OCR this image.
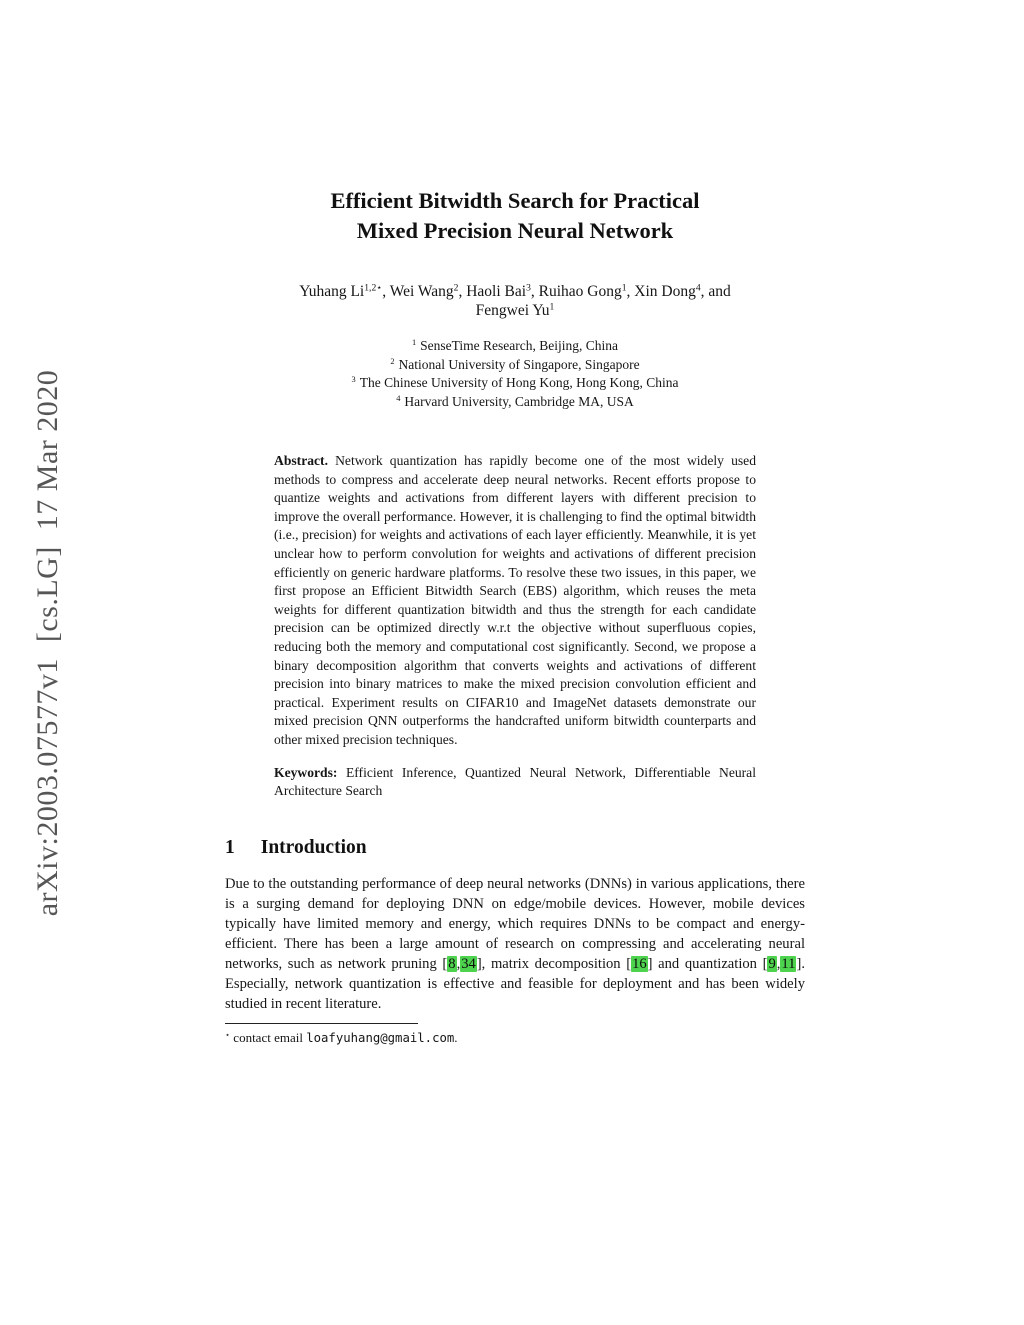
arXiv:2003.07577v1  [cs.LG]  17 Mar 2020
Efficient Bitwidth Search for Practical
Mixed Precision Neural Network
Yuhang $Li^{1,2⋆}$, Wei Wang$^2$, Haoli Bai$^3$, Ruihao Gong$^1$, Xin Dong$^4$, and
Fengwei Yu$^1$
$^1$ SenseTime Research, Beijing, China
$^2$ National University of Singapore, Singapore
$^3$ The Chinese University of Hong Kong, Hong Kong, China
$^4$ Harvard University, Cambridge MA, USA
Abstract. Network quantization has rapidly become one of the most widely used methods to compress and accelerate deep neural networks. Recent efforts propose to quantize weights and activations from different layers with different precision to improve the overall performance. However, it is challenging to find the optimal bitwidth (i.e., precision) for weights and activations of each layer efficiently. Meanwhile, it is yet unclear how to perform convolution for weights and activations of different precision efficiently on generic hardware platforms. To resolve these two issues, in this paper, we first propose an Efficient Bitwidth Search (EBS) algorithm, which reuses the meta weights for different quantization bitwidth and thus the strength for each candidate precision can be optimized directly w.r.t the objective without superfluous copies, reducing both the memory and computational cost significantly. Second, we propose a binary decomposition algorithm that converts weights and activations of different precision into binary matrices to make the mixed precision convolution efficient and practical. Experiment results on CIFAR10 and ImageNet datasets demonstrate our mixed precision QNN outperforms the handcrafted uniform bitwidth counterparts and other mixed precision techniques.
Keywords: Efficient Inference, Quantized Neural Network, Differentiable Neural Architecture Search
1 Introduction
Due to the outstanding performance of deep neural networks (DNNs) in various applications, there is a surging demand for deploying DNN on edge/mobile devices. However, mobile devices typically have limited memory and energy, which requires DNNs to be compact and energy-efficient. There has been a large amount of research on compressing and accelerating neural networks, such as network pruning [8,34], matrix decomposition [16] and quantization [9,11]. Especially, network quantization is effective and feasible for deployment and has been widely studied in recent literature.
⋆ contact email loafyuhang@gmail.com.
